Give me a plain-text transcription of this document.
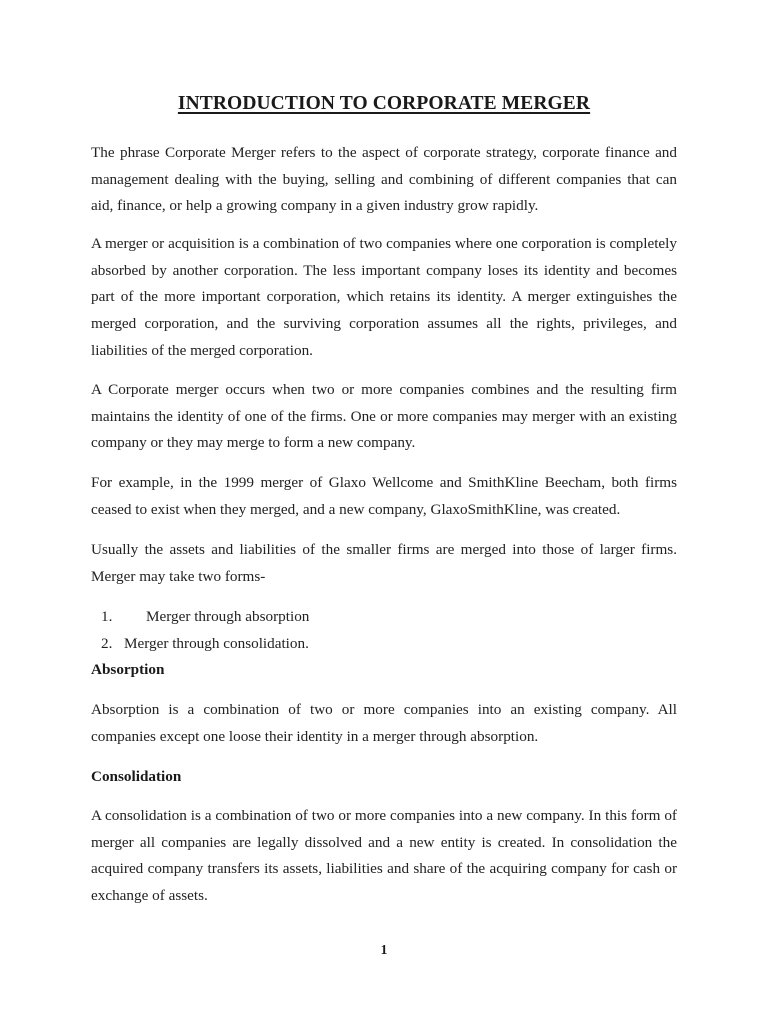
INTRODUCTION TO CORPORATE MERGER

The phrase Corporate Merger refers to the aspect of corporate strategy, corporate finance and management dealing with the buying, selling and combining of different companies that can aid, finance, or help a growing company in a given industry grow rapidly.

A merger or acquisition is a combination of two companies where one corporation is completely absorbed by another corporation. The less important company loses its identity and becomes part of the more important corporation, which retains its identity. A merger extinguishes the merged corporation, and the surviving corporation assumes all the rights, privileges, and liabilities of the merged corporation.

A Corporate merger occurs when two or more companies combines and the resulting firm maintains the identity of one of the firms. One or more companies may merger with an existing company or they may merge to form a new company.

For example, in the 1999 merger of Glaxo Wellcome and SmithKline Beecham, both firms ceased to exist when they merged, and a new company, GlaxoSmithKline, was created.

Usually the assets and liabilities of the smaller firms are merged into those of larger firms. Merger may take two forms-

1. Merger through absorption
2. Merger through consolidation.
Absorption

Absorption is a combination of two or more companies into an existing company. All companies except one loose their identity in a merger through absorption.

Consolidation

A consolidation is a combination of two or more companies into a new company. In this form of merger all companies are legally dissolved and a new entity is created. In consolidation the acquired company transfers its assets, liabilities and share of the acquiring company for cash or exchange of assets.

1
